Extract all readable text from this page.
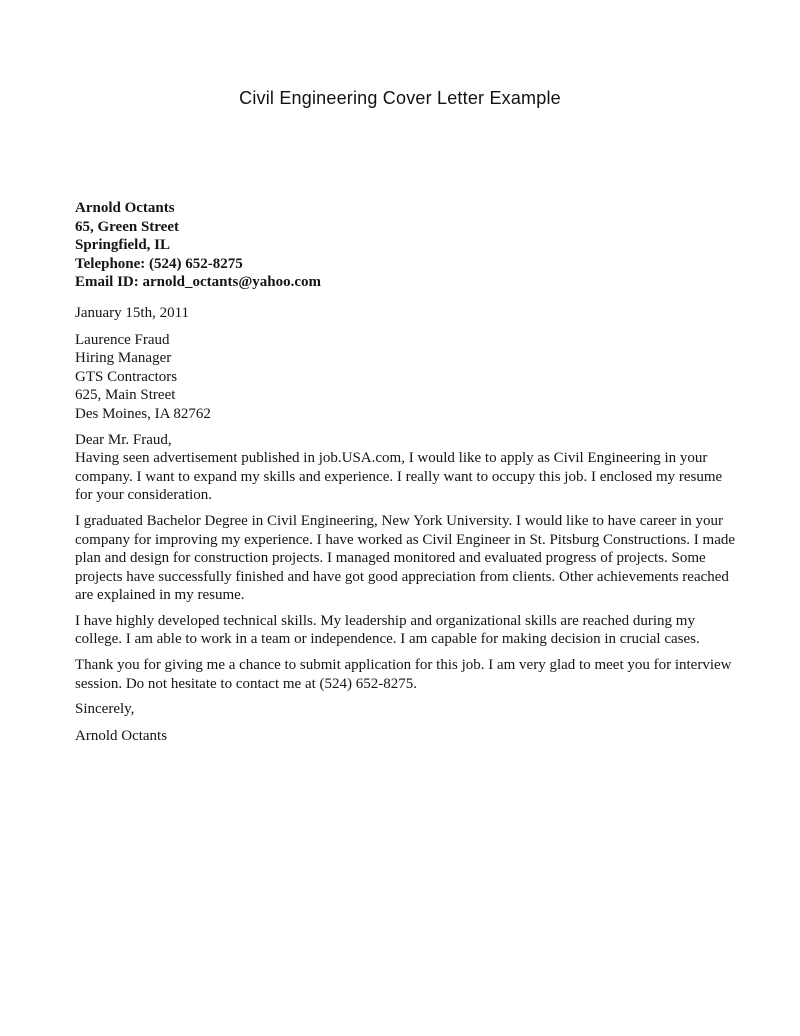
Civil Engineering Cover Letter Example
Arnold Octants
65, Green Street
Springfield, IL
Telephone: (524) 652-8275
Email ID: arnold_octants@yahoo.com
January 15th, 2011
Laurence Fraud
Hiring Manager
GTS Contractors
625, Main Street
Des Moines, IA 82762
Dear Mr. Fraud,

Having seen advertisement published in job.USA.com, I would like to apply as Civil Engineering in your company. I want to expand my skills and experience. I really want to occupy this job. I enclosed my resume for your consideration.

I graduated Bachelor Degree in Civil Engineering, New York University. I would like to have career in your company for improving my experience. I have worked as Civil Engineer in St. Pitsburg Constructions. I made plan and design for construction projects. I managed monitored and evaluated progress of projects. Some projects have successfully finished and have got good appreciation from clients. Other achievements reached are explained in my resume.

I have highly developed technical skills. My leadership and organizational skills are reached during my college. I am able to work in a team or independence. I am capable for making decision in crucial cases.

Thank you for giving me a chance to submit application for this job. I am very glad to meet you for interview session. Do not hesitate to contact me at (524) 652-8275.

Sincerely,
Arnold Octants
